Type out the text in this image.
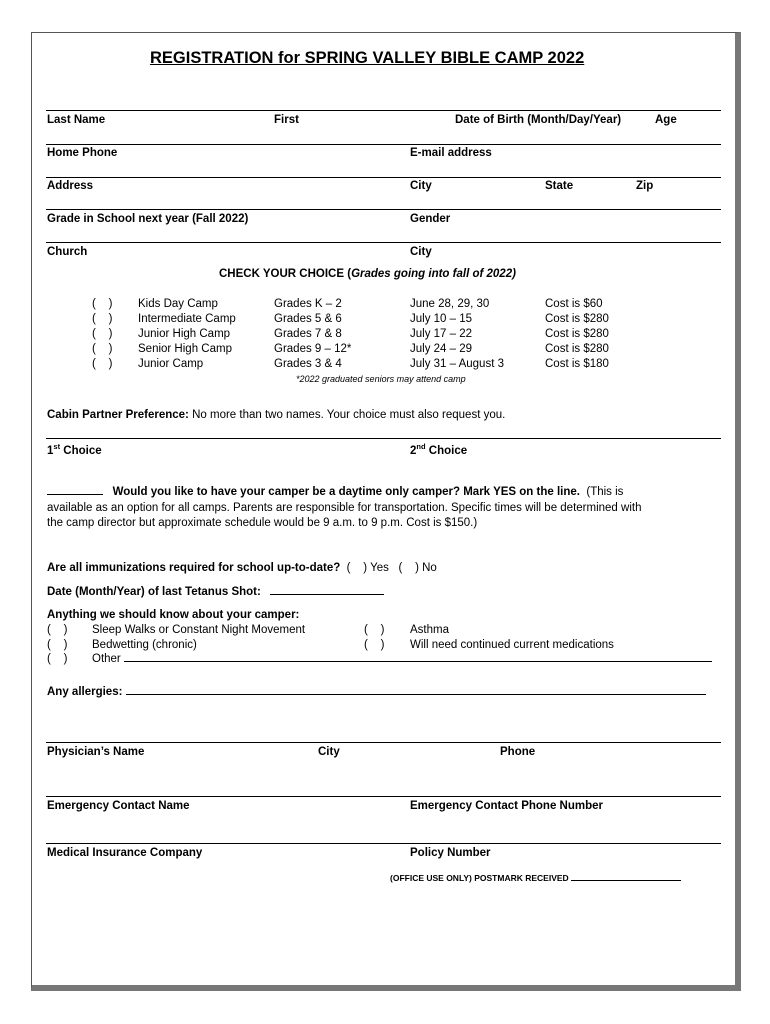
REGISTRATION for SPRING VALLEY BIBLE CAMP 2022
Last Name	First	Date of Birth (Month/Day/Year)	Age
Home Phone	E-mail address
Address	City	State	Zip
Grade in School next year (Fall 2022)	Gender
Church	City
CHECK YOUR CHOICE (Grades going into fall of 2022)
(    ) Kids Day Camp	Grades K – 2	June 28, 29, 30	Cost is $60
(    ) Intermediate Camp	Grades 5 & 6	July 10 – 15	Cost is $280
(    ) Junior High Camp	Grades 7 & 8	July 17 – 22	Cost is $280
(    ) Senior High Camp	Grades 9 – 12*	July 24 – 29	Cost is $280
(    ) Junior Camp	Grades 3 & 4	July 31 – August 3	Cost is $180
*2022 graduated seniors may attend camp
Cabin Partner Preference: No more than two names. Your choice must also request you.
1st Choice	2nd Choice
Would you like to have your camper be a daytime only camper? Mark YES on the line. (This is
available as an option for all camps. Parents are responsible for transportation. Specific times will be determined with
the camp director but approximate schedule would be 9 a.m. to 9 p.m. Cost is $150.)
Are all immunizations required for school up-to-date? (    ) Yes (    ) No
Date (Month/Year) of last Tetanus Shot:
Anything we should know about your camper:
(    ) Sleep Walks or Constant Night Movement	(    ) Asthma
(    ) Bedwetting (chronic)	(    ) Will need continued current medications
(    ) Other
Any allergies:
Physician’s Name	City	Phone
Emergency Contact Name	Emergency Contact Phone Number
Medical Insurance Company	Policy Number
(OFFICE USE ONLY) POSTMARK RECEIVED
